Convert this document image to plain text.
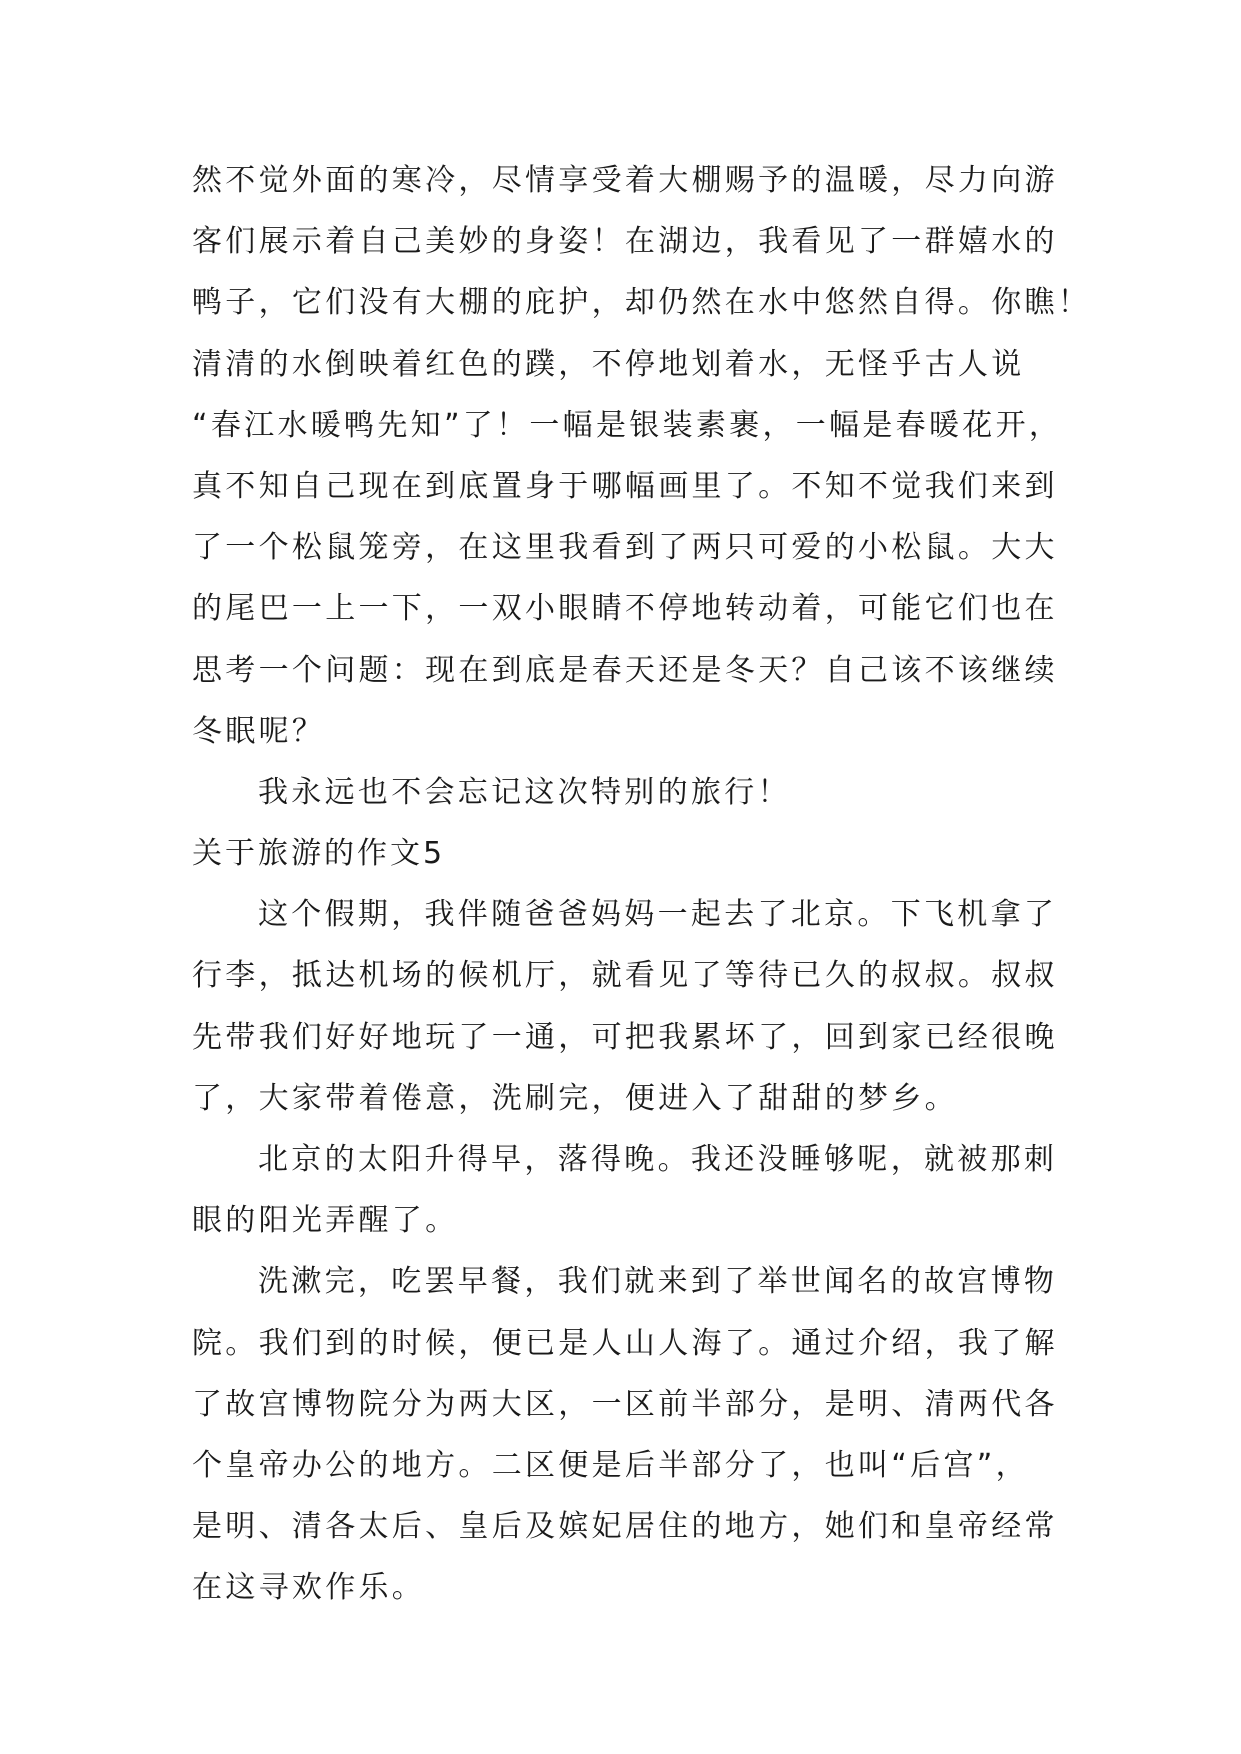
然不觉外面的寒冷，尽情享受着大棚赐予的温暖，尽力向游

客们展示着自己美妙的身姿！在湖边，我看见了一群嬉水的

鸭子，它们没有大棚的庇护，却仍然在水中悠然自得。你瞧！

清清的水倒映着红色的蹼，不停地划着水，无怪乎古人说

“春江水暖鸭先知”了！一幅是银装素裹，一幅是春暖花开，

真不知自己现在到底置身于哪幅画里了。不知不觉我们来到

了一个松鼠笼旁，在这里我看到了两只可爱的小松鼠。大大

的尾巴一上一下，一双小眼睛不停地转动着，可能它们也在

思考一个问题：现在到底是春天还是冬天？自己该不该继续

冬眠呢？

我永远也不会忘记这次特别的旅行！

关于旅游的作文5

这个假期，我伴随爸爸妈妈一起去了北京。下飞机拿了

行李，抵达机场的候机厅，就看见了等待已久的叔叔。叔叔

先带我们好好地玩了一通，可把我累坏了，回到家已经很晚

了，大家带着倦意，洗刷完，便进入了甜甜的梦乡。

北京的太阳升得早，落得晚。我还没睡够呢，就被那刺

眼的阳光弄醒了。

洗漱完，吃罢早餐，我们就来到了举世闻名的故宫博物

院。我们到的时候，便已是人山人海了。通过介绍，我了解

了故宫博物院分为两大区，一区前半部分，是明、清两代各

个皇帝办公的地方。二区便是后半部分了，也叫“后宫”，

是明、清各太后、皇后及嫔妃居住的地方，她们和皇帝经常

在这寻欢作乐。
